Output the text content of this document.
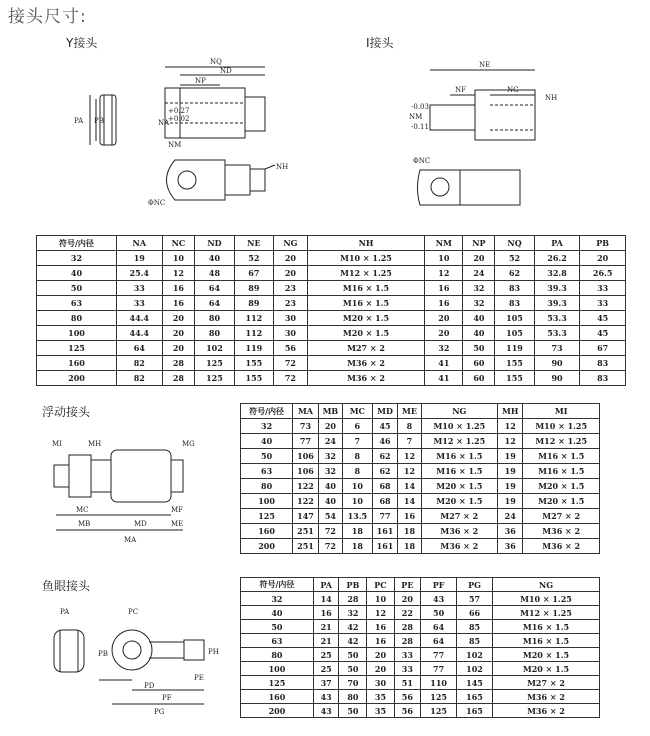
接头尺寸:
Y接头
NQ
ND
NP
NA
NM
PA PB
NH
ΦNC
+0.27
+0.02
I接头
NE
NF	NG
NH
NM
ΦNC
-0.03
-0.11
符号/内径	NA	NC	ND	NE	NG	NH	NM	NP	NQ	PA	PB
32	19	10	40	52	20	M10 × 1.25	10	20	52	26.2	20
40	25.4	12	48	67	20	M12 × 1.25	12	24	62	32.8	26.5
50	33	16	64	89	23	M16 × 1.5	16	32	83	39.3	33
63	33	16	64	89	23	M16 × 1.5	16	32	83	39.3	33
80	44.4	20	80	112	30	M20 × 1.5	20	40	105	53.3	45
100	44.4	20	80	112	30	M20 × 1.5	20	40	105	53.3	45
125	64	20	102	119	56	M27 × 2	32	50	119	73	67
160	82	28	125	155	72	M36 × 2	41	60	155	90	83
200	82	28	125	155	72	M36 × 2	41	60	155	90	83
浮动接头
MI	MH	MG
MC
MB	MD
MF
ME
MA
符号/内径	MA	MB	MC	MD	ME	NG	MH	MI
32	73	20	6	45	8	M10 × 1.25	12	M10 × 1.25
40	77	24	7	46	7	M12 × 1.25	12	M12 × 1.25
50	106	32	8	62	12	M16 × 1.5	19	M16 × 1.5
63	106	32	8	62	12	M16 × 1.5	19	M16 × 1.5
80	122	40	10	68	14	M20 × 1.5	19	M20 × 1.5
100	122	40	10	68	14	M20 × 1.5	19	M20 × 1.5
125	147	54	13.5	77	16	M27 × 2	24	M27 × 2
160	251	72	18	161	18	M36 × 2	36	M36 × 2
200	251	72	18	161	18	M36 × 2	36	M36 × 2
鱼眼接头
PA	PC
PB
PD
PE
PF
PG
PH
符号/内径	PA	PB	PC	PE	PF	PG	NG
32	14	28	10	20	43	57	M10 × 1.25
40	16	32	12	22	50	66	M12 × 1.25
50	21	42	16	28	64	85	M16 × 1.5
63	21	42	16	28	64	85	M16 × 1.5
80	25	50	20	33	77	102	M20 × 1.5
100	25	50	20	33	77	102	M20 × 1.5
125	37	70	30	51	110	145	M27 × 2
160	43	80	35	56	125	165	M36 × 2
200	43	50	35	56	125	165	M36 × 2
